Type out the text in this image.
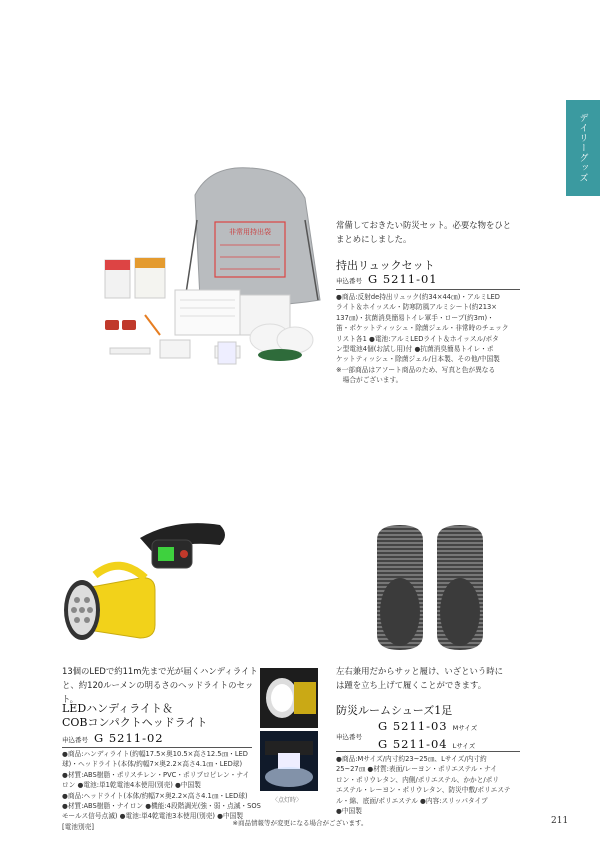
デイリーグッズ
非常用持出袋
常備しておきたい防災セット。必要な物をひと
まとめにしました。
持出リュックセット
申込番号 G 5211-01
●商品:反射de持出リュック(約34×44㎝)・アルミLED
ライト＆ホイッスル・防寒防風アルミシート(約213×
137㎝)・抗菌消臭簡易トイレ軍手・ロープ(約3m)・
笛・ポケットティッシュ・除菌ジェル・非常時のチェック
リスト各1 ●電池:アルミLEDライト＆ホイッスル/ボタ
ン型電池4個(お試し用)付 ●抗菌消臭簡易トイレ・ポ
ケットティッシュ・除菌ジェル/日本製、その他/中国製
※一部商品はアソート商品のため、写真と色が異なる
　場合がございます。
13個のLEDで約11m先まで光が届くハンディライト
と、約120ルーメンの明るさのヘッドライトのセット。
LEDハンディライト＆
COBコンパクトヘッドライト
申込番号 G 5211-02
●商品:ハンディライト(約幅17.5×奥10.5×高さ12.5㎝・LED
球)・ヘッドライト(本体/約幅7×奥2.2×高さ4.1㎝・LED球)
●材質:ABS樹脂・ポリスチレン・PVC・ポリプロピレン・ナイ
ロン ●電池:単1乾電池4本使用(別売) ●中国製
●商品:ヘッドライト(本体/約幅7×奥2.2×高さ4.1㎝・LED球)
●材質:ABS樹脂・ナイロン ●機能:4段階調光(強・弱・点滅・SOS
モールス信号点滅) ●電池:単4乾電池3本使用(別売) ●中国製
[電池別売]
〈点灯時〉
左右兼用だからサッと履け、いざという時に
は踵を立ち上げて履くことができます。
防災ルームシューズ1足
申込番号
G 5211-03 Mサイズ
G 5211-04 Lサイズ
●商品:Mサイズ/内寸約23~25㎝、Lサイズ/内寸約
25~27㎝ ●材質:表面/レーヨン・ポリエステル・ナイ
ロン・ポリウレタン、内側/ポリエステル、かかと/ポリ
エステル・レーヨン・ポリウレタン、防災中敷/ポリエステ
ル・綿、底面/ポリエステル ●内容:スリッパタイプ
●中国製
※商品情報等が変更になる場合がございます。	211
